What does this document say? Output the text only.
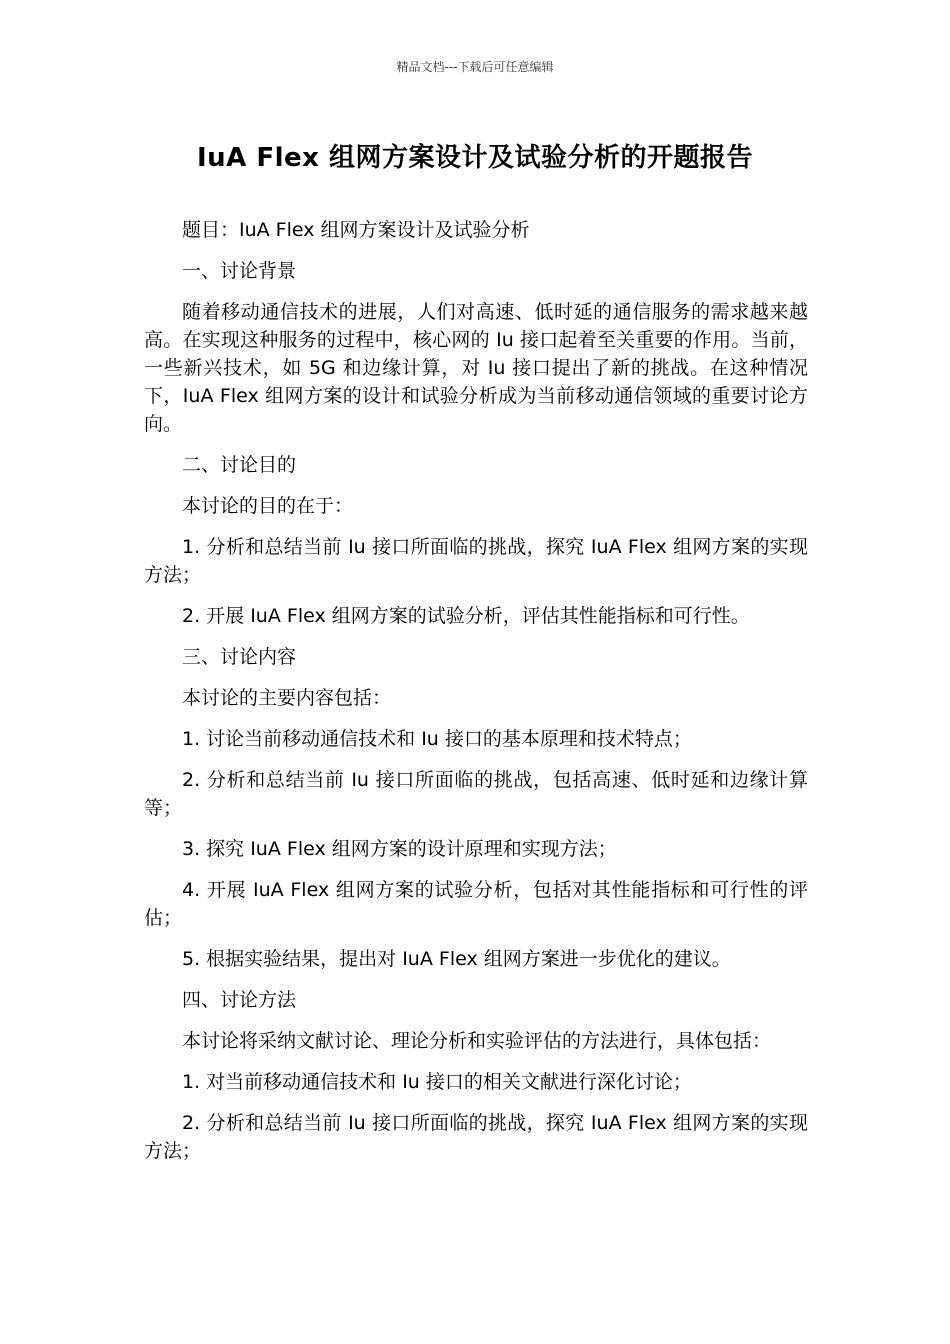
精品文档---下载后可任意编辑
IuA Flex 组网方案设计及试验分析的开题报告

题目：IuA Flex 组网方案设计及试验分析

一、讨论背景

随着移动通信技术的进展，人们对高速、低时延的通信服务的需求越来越高。在实现这种服务的过程中，核心网的 Iu 接口起着至关重要的作用。当前，一些新兴技术，如 5G 和边缘计算，对 Iu 接口提出了新的挑战。在这种情况下，IuA Flex 组网方案的设计和试验分析成为当前移动通信领域的重要讨论方向。

二、讨论目的

本讨论的目的在于：

1. 分析和总结当前 Iu 接口所面临的挑战，探究 IuA Flex 组网方案的实现方法；

2. 开展 IuA Flex 组网方案的试验分析，评估其性能指标和可行性。

三、讨论内容

本讨论的主要内容包括：

1. 讨论当前移动通信技术和 Iu 接口的基本原理和技术特点；

2. 分析和总结当前 Iu 接口所面临的挑战，包括高速、低时延和边缘计算等；

3. 探究 IuA Flex 组网方案的设计原理和实现方法；

4. 开展 IuA Flex 组网方案的试验分析，包括对其性能指标和可行性的评估；

5. 根据实验结果，提出对 IuA Flex 组网方案进一步优化的建议。

四、讨论方法

本讨论将采纳文献讨论、理论分析和实验评估的方法进行，具体包括：

1. 对当前移动通信技术和 Iu 接口的相关文献进行深化讨论；

2. 分析和总结当前 Iu 接口所面临的挑战，探究 IuA Flex 组网方案的实现方法；
